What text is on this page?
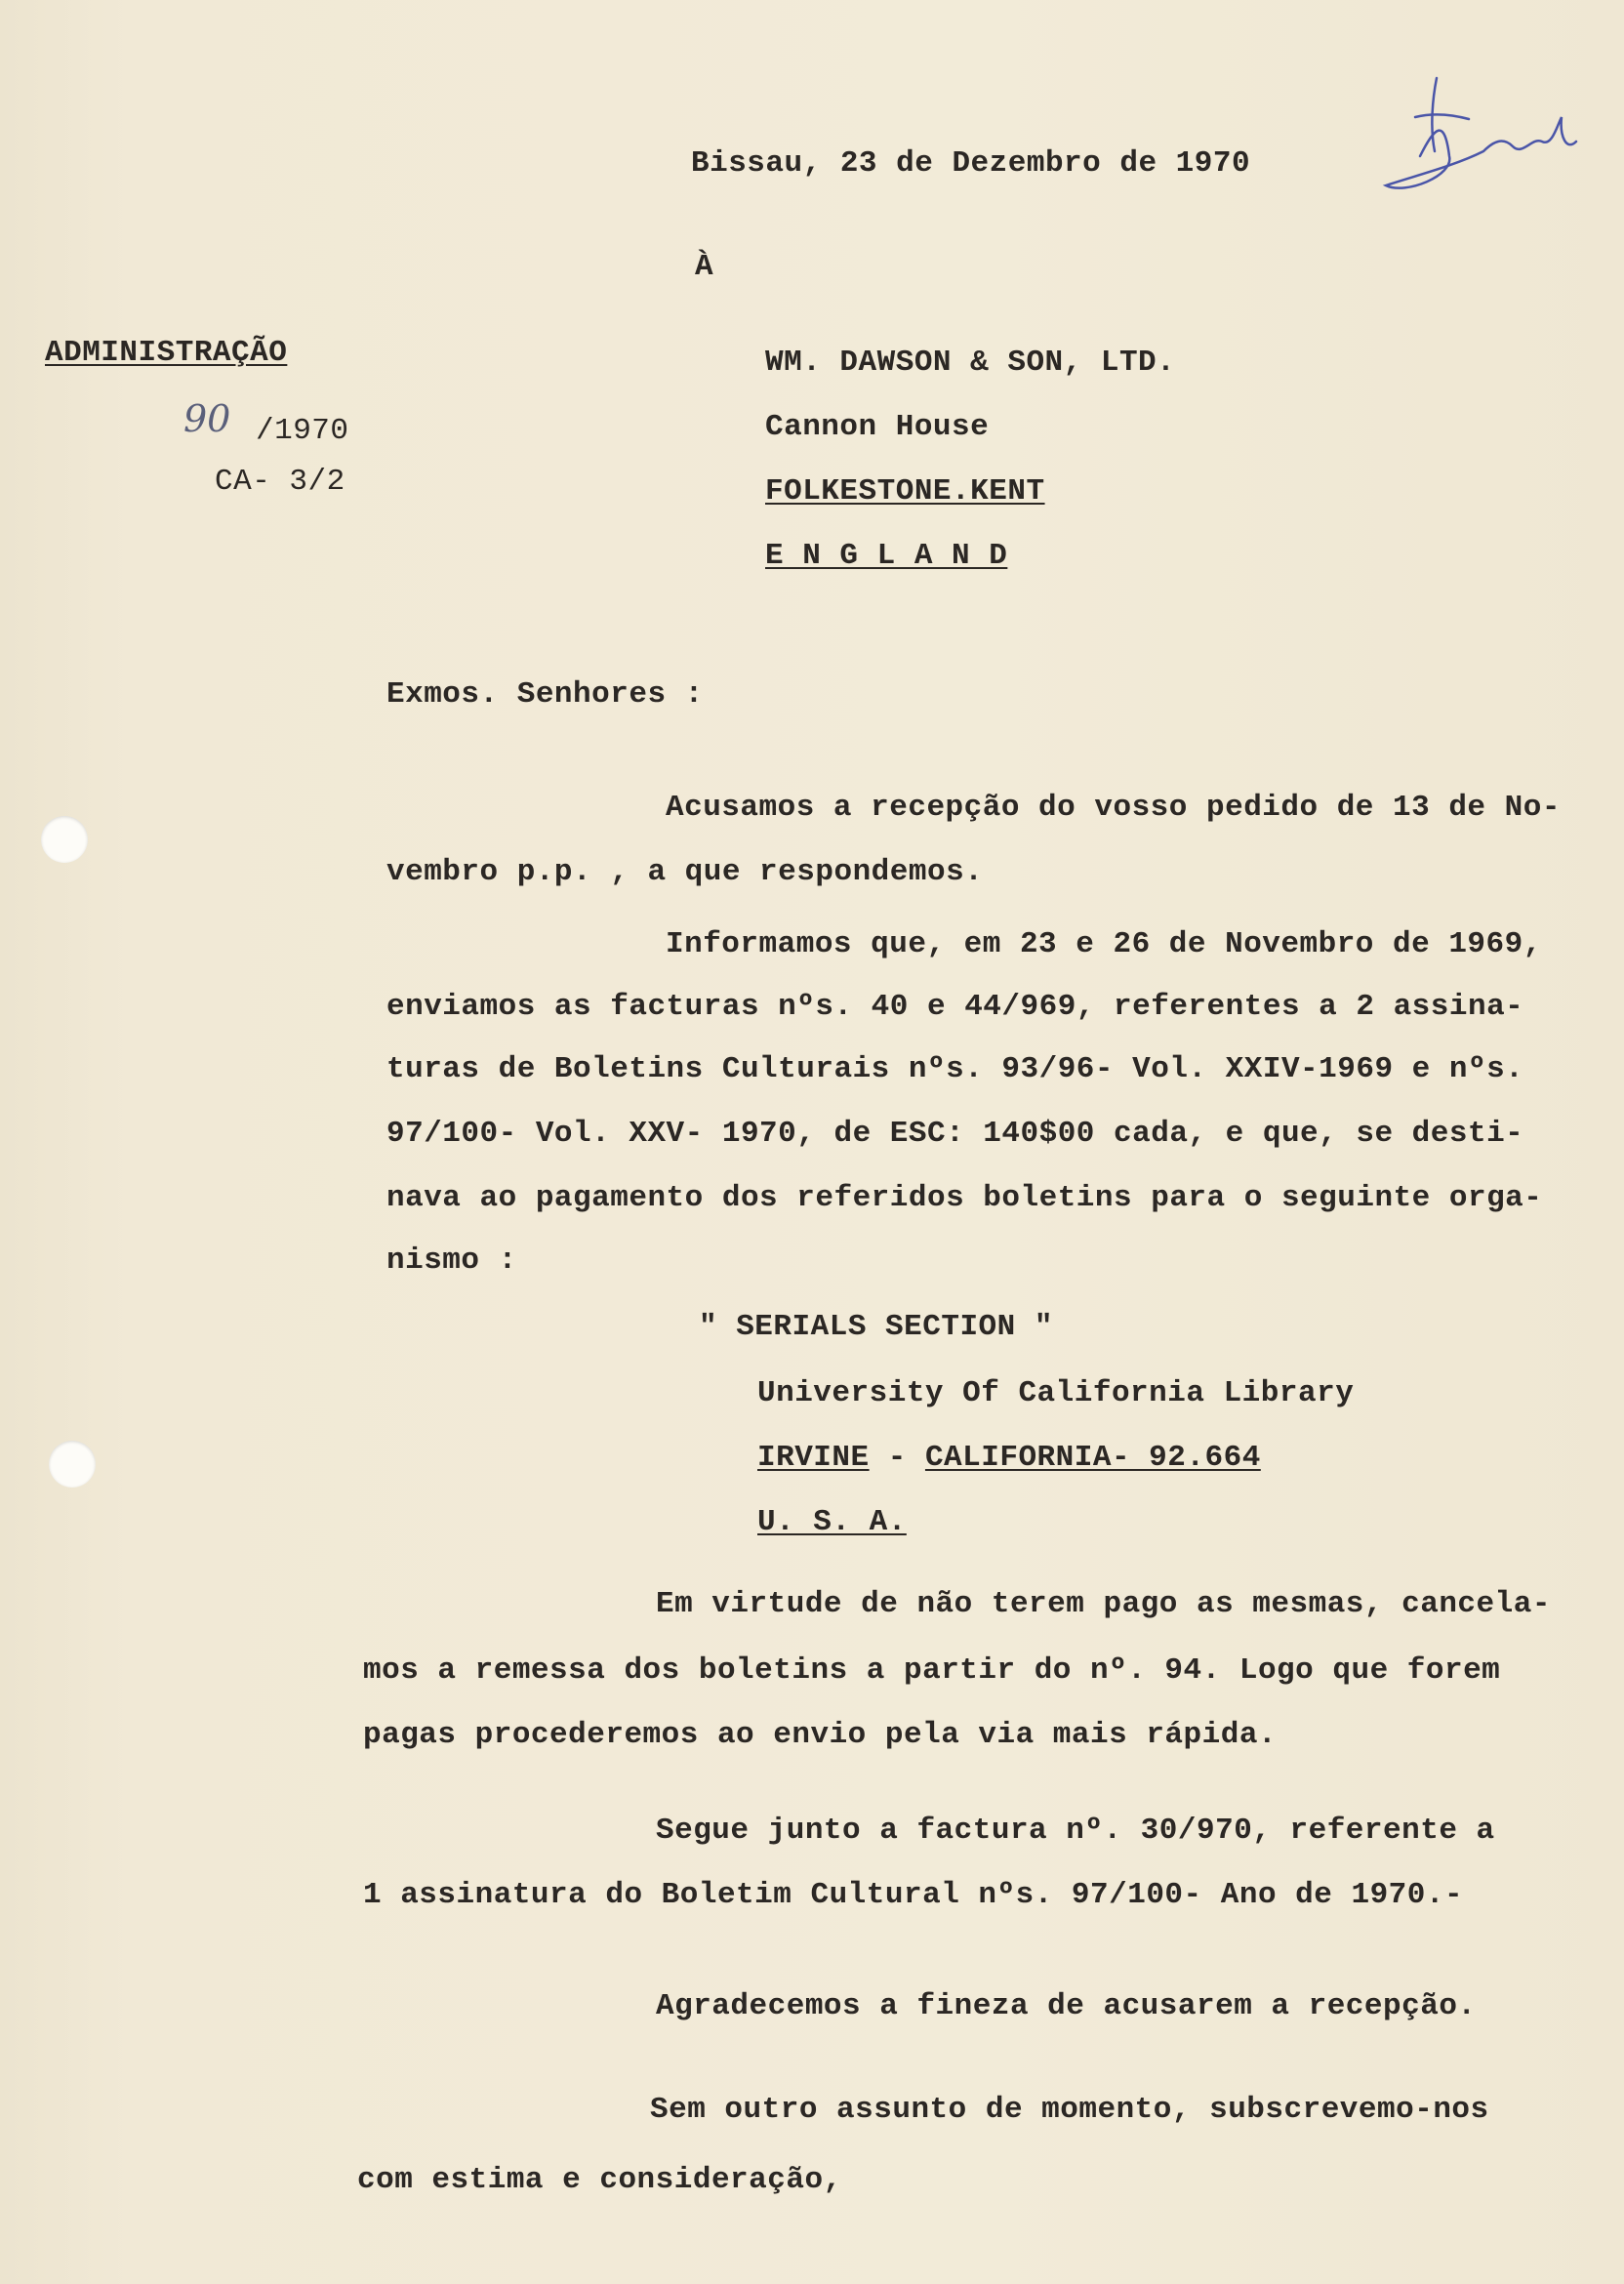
Bissau, 23 de Dezembro de 1970
À
ADMINISTRAÇÃO
90 /1970
CA- 3/2
WM. DAWSON & SON, LTD.
Cannon House
FOLKESTONE.KENT
E N G L A N D
Exmos. Senhores :
Acusamos a recepção do vosso pedido de 13 de No-
vembro p.p. , a que respondemos.
Informamos que, em 23 e 26 de Novembro de 1969,
enviamos as facturas nºs. 40 e 44/969, referentes a 2 assina-
turas de Boletins Culturais nºs. 93/96- Vol. XXIV-1969 e nºs.
97/100- Vol. XXV- 1970, de ESC: 140$00 cada, e que, se desti-
nava ao pagamento dos referidos boletins para o seguinte orga-
nismo :
" SERIALS SECTION "
University Of California Library
IRVINE - CALIFORNIA- 92.664
U. S. A.
Em virtude de não terem pago as mesmas, cancela-
mos a remessa dos boletins a partir do nº. 94. Logo que forem
pagas procederemos ao envio pela via mais rápida.
Segue junto a factura nº. 30/970, referente a
1 assinatura do Boletim Cultural nºs. 97/100- Ano de 1970.-
Agradecemos a fineza de acusarem a recepção.
Sem outro assunto de momento, subscrevemo-nos
com estima e consideração,
